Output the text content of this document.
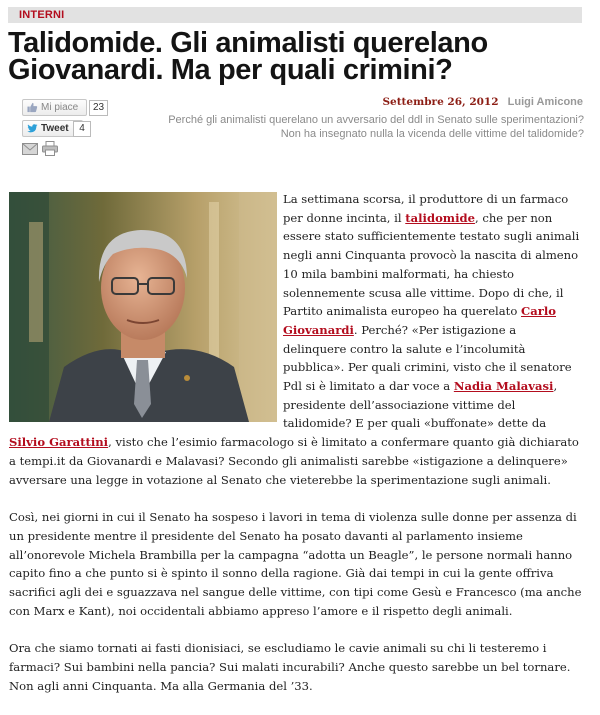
INTERNI
Talidomide. Gli animalisti querelano Giovanardi. Ma per quali crimini?
Mi piace	23
Tweet	4
Settembre 26, 2012 Luigi Amicone
Perché gli animalisti querelano un avversario del ddl in Senato sulle sperimentazioni? Non ha insegnato nulla la vicenda delle vittime del talidomide?

La settimana scorsa, il produttore di un farmaco per donne incinta, il talidomide, che per non essere stato sufficientemente testato sugli animali negli anni Cinquanta provocò la nascita di almeno 10 mila bambini malformati, ha chiesto solennemente scusa alle vittime. Dopo di che, il Partito animalista europeo ha querelato Carlo Giovanardi. Perché? «Per istigazione a delinquere contro la salute e l’incolumità pubblica». Per quali crimini, visto che il senatore Pdl si è limitato a dar voce a Nadia Malavasi, presidente dell’associazione vittime del talidomide? E per quali «buffonate» dette da Silvio Garattini, visto che l’esimio farmacologo si è limitato a confermare quanto già dichiarato a tempi.it da Giovanardi e Malavasi? Secondo gli animalisti sarebbe «istigazione a delinquere» avversare una legge in votazione al Senato che vieterebbe la sperimentazione sugli animali.

Così, nei giorni in cui il Senato ha sospeso i lavori in tema di violenza sulle donne per assenza di un presidente mentre il presidente del Senato ha posato davanti al parlamento insieme all’onorevole Michela Brambilla per la campagna “adotta un Beagle”, le persone normali hanno capito fino a che punto si è spinto il sonno della ragione. Già dai tempi in cui la gente offriva sacrifici agli dei e sguazzava nel sangue delle vittime, con tipi come Gesù e Francesco (ma anche con Marx e Kant), noi occidentali abbiamo appreso l’amore e il rispetto degli animali.

Ora che siamo tornati ai fasti dionisiaci, se escludiamo le cavie animali su chi li testeremo i farmaci? Sui bambini nella pancia? Sui malati incurabili? Anche questo sarebbe un bel tornare. Non agli anni Cinquanta. Ma alla Germania del ’33.
